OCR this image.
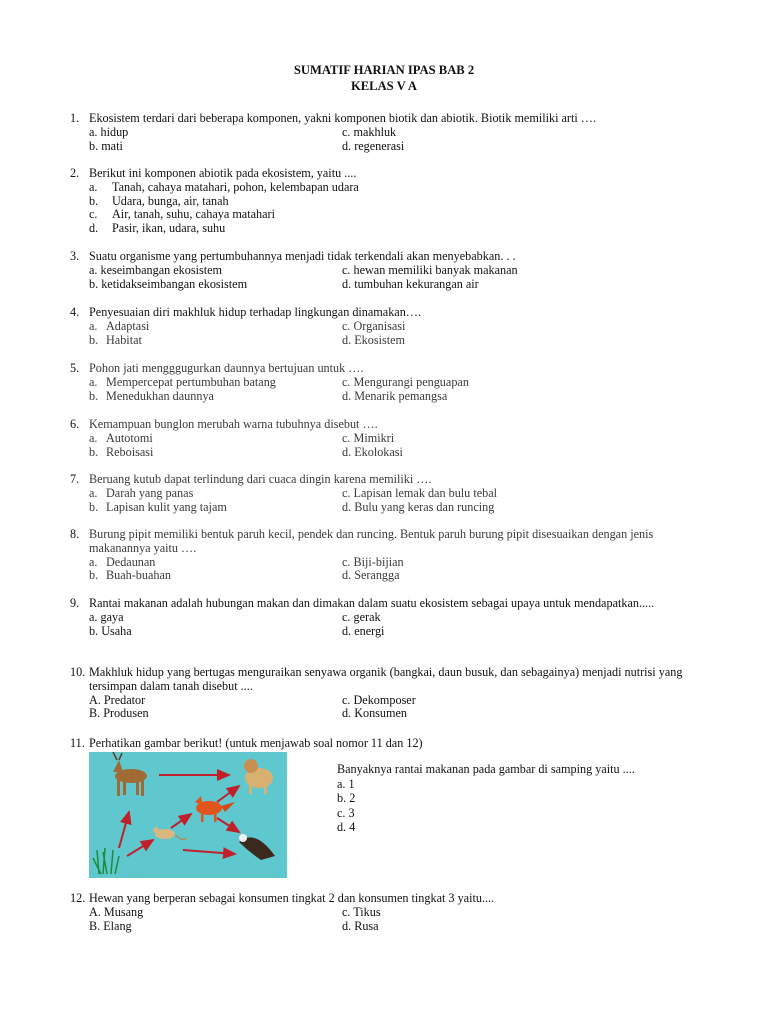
SUMATIF HARIAN IPAS BAB 2
KELAS V A
1. Ekosistem terdari dari beberapa komponen, yakni komponen biotik dan abiotik. Biotik memiliki arti ….
a. hidup	c. makhluk
b. mati	d. regenerasi
2. Berikut ini komponen abiotik pada ekosistem, yaitu ....
a.	Tanah, cahaya matahari, pohon, kelembapan udara
b.	Udara, bunga, air, tanah
c.	Air, tanah, suhu, cahaya matahari
d.	Pasir, ikan, udara, suhu
3. Suatu organisme yang pertumbuhannya menjadi tidak terkendali akan menyebabkan. . .
a. keseimbangan ekosistem	c. hewan memiliki banyak makanan
b. ketidakseimbangan ekosistem	d. tumbuhan kekurangan air
4. Penyesuaian diri makhluk hidup terhadap lingkungan dinamakan….
a. Adaptasi	c. Organisasi
b. Habitat	d. Ekosistem
5. Pohon jati mengggugurkan daunnya bertujuan untuk ….
a. Mempercepat pertumbuhan batang	c. Mengurangi penguapan
b. Menedukhan daunnya	d. Menarik pemangsa
6. Kemampuan bunglon merubah warna tubuhnya disebut ….
a. Autotomi	c. Mimikri
b. Reboisasi	d. Ekolokasi
7. Beruang kutub dapat terlindung dari cuaca dingin karena memiliki ….
a. Darah yang panas	c. Lapisan lemak dan bulu tebal
b. Lapisan kulit yang tajam	d. Bulu yang keras dan runcing
8. Burung pipit memiliki bentuk paruh kecil, pendek dan runcing. Bentuk paruh burung pipit disesuaikan dengan jenis makanannya yaitu ….
a. Dedaunan	c. Biji-bijian
b. Buah-buahan	d. Serangga
9. Rantai makanan adalah hubungan makan dan dimakan dalam suatu ekosistem sebagai upaya untuk mendapatkan.....
a. gaya	c. gerak
b. Usaha	d. energi
10. Makhluk hidup yang bertugas menguraikan senyawa organik (bangkai, daun busuk, dan sebagainya) menjadi nutrisi yang tersimpan dalam tanah disebut ....
A. Predator	c. Dekomposer
B. Produsen	d. Konsumen
11. Perhatikan gambar berikut! (untuk menjawab soal nomor 11 dan 12)
Banyaknya rantai makanan pada gambar di samping yaitu ....
a. 1
b. 2
c. 3
d. 4
12. Hewan yang berperan sebagai konsumen tingkat 2 dan konsumen tingkat 3 yaitu....
A. Musang	c. Tikus
B. Elang	d. Rusa
